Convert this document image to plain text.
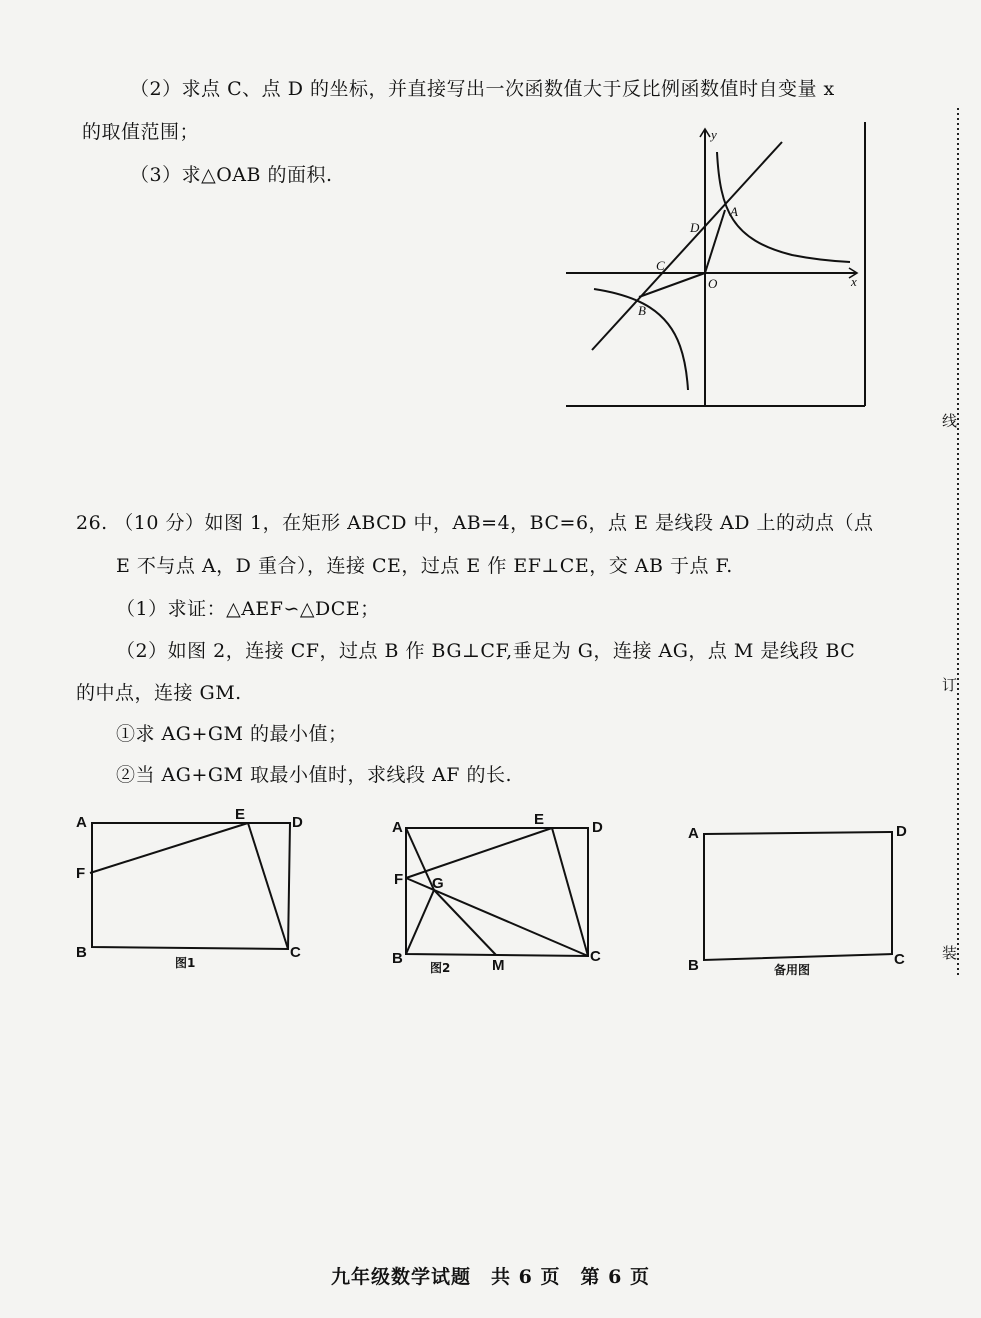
（2）求点 C、点 D 的坐标，并直接写出一次函数值大于反比例函数值时自变量 x
的取值范围；
（3）求△OAB 的面积.
y
x
O
A
B
C
D
26. （10 分）如图 1，在矩形 ABCD 中，AB=4，BC=6，点 E 是线段 AD 上的动点（点
E 不与点 A，D 重合），连接 CE，过点 E 作 EF⊥CE，交 AB 于点 F.
（1）求证：△AEF∽△DCE；
（2）如图 2，连接 CF，过点 B 作 BG⊥CF,垂足为 G，连接 AG，点 M 是线段 BC
的中点，连接 GM.
①求 AG+GM 的最小值；
②当 AG+GM 取最小值时，求线段 AF 的长.
A
B	C
D
E
F
图1
A
B	C
D
E
F G
M
图2
A
B	C
D
备用图
线
订
装
九年级数学试题　共 6 页　第 6 页
